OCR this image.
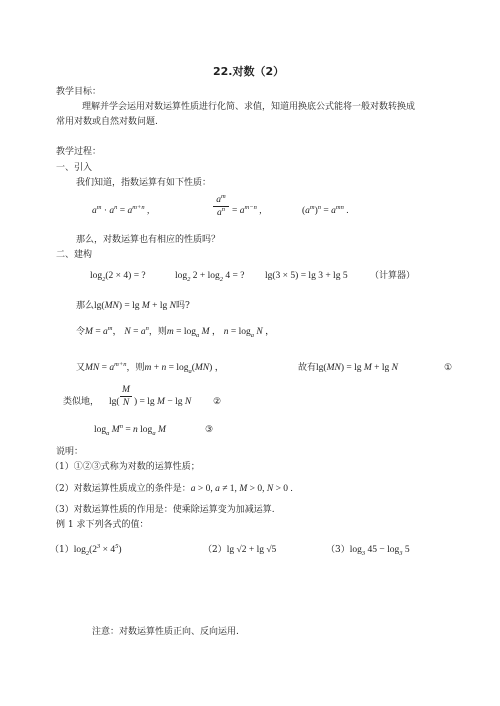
22.对数（2）
教学目标：
理解并学会运用对数运算性质进行化简、求值，知道用换底公式能将一般对数转换成
常用对数或自然对数问题.
教学过程：
一、引入
我们知道，指数运算有如下性质：
$a^m \cdot a^n = a^{m+n}$ ,
$a^m$
$a^n = a^{m-n}$ ,	$(a^m)^n = a^{mn}$ .
那么，对数运算也有相应的性质吗？
二、建构
$\log_2(2 \times 4)$ = ?	$\log_2 2 + \log_2 4$ = ? lg(3 × 5) = lg 3 + lg 5 （计算器）
那么lg(MN) = lg M + lg N吗?
令$M = a^m$， $N = a^n$，则$m = \log_a M$ ， $n = \log_a N$ ，
又MN = $a^{m+n}$，则$m + n = \log_a(MN)$ ，	故有lg(MN) = lg M + lg N	①
类似地， lg(
M
N ) = lg M − lg N ②
$\log_a M^n = n$ $\log_a M$	③
说明：
（1）①②③式称为对数的运算性质；
（2）对数运算性质成立的条件是：a > 0, a ≠ 1, M > 0, N > 0 .
（3）对数运算性质的作用是：使乘除运算变为加减运算.
例 1 求下列各式的值：
$(1)\log_2(2^3 \times 4^5)$	（2）lg √2 + lg √5	$(3)\log_3$ $45 - \log_3 5$
注意：对数运算性质正向、反向运用.
